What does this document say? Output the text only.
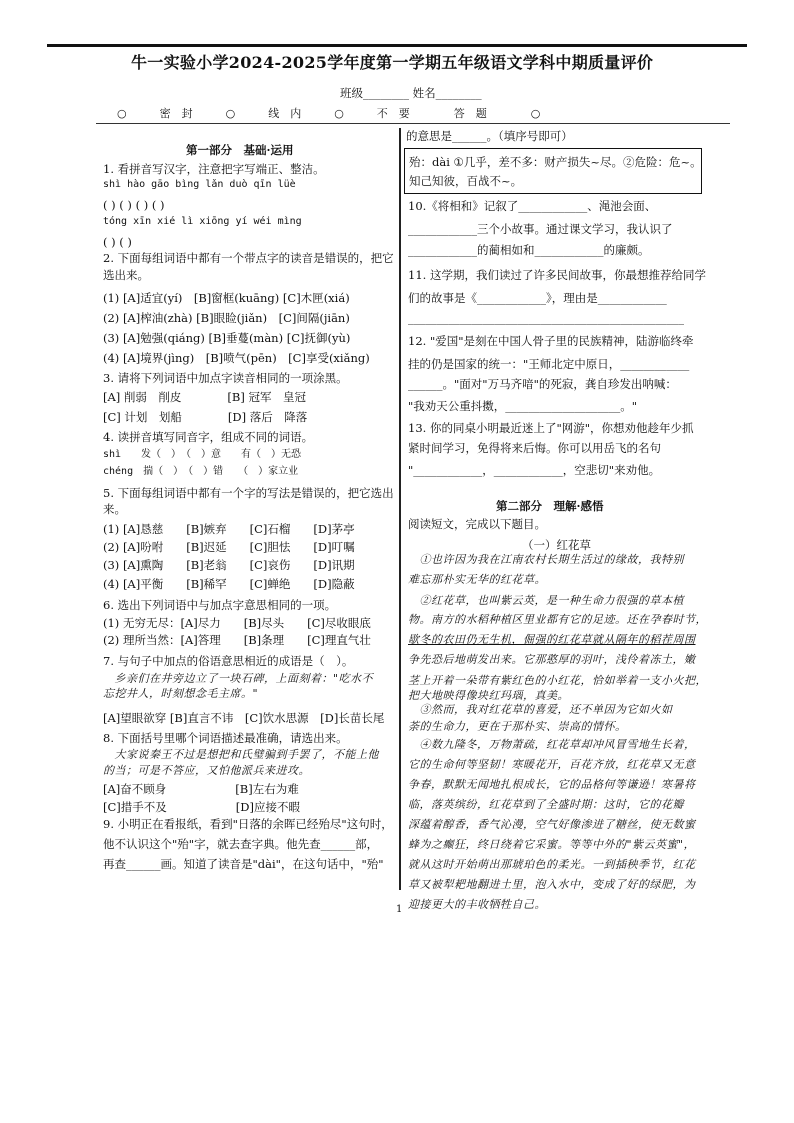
牛一实验小学2024-2025学年度第一学期五年级语文学科中期质量评价
班级________ 姓名________
○　　　密　封　　　○　　　线　内　　　○　　　不　要　　　　答　题　　　　○
第一部分　基础·运用
1. 看拼音写汉字，注意把字写端正、整洁。
shì hào gāo bìng lǎn duò qīn lüè
( ) ( ) ( ) ( )
tóng xīn xié lì xiōng yí wéi mìng
( ) ( )
2. 下面每组词语中都有一个带点字的读音是错误的，把它
选出来。
(1) [A]适宜(yí)　[B]窗框(kuāng) [C]木匣(xiá)
(2) [A]榨油(zhà) [B]眼睑(jiǎn)　[C]间隔(jiān)
(3) [A]勉强(qiáng) [B]垂蔓(màn) [C]抚御(yù)
(4) [A]境界(jìng)　[B]喷气(pēn)　[C]享受(xiǎng)
3. 请将下列词语中加点字读音相同的一项涂黑。
[A] 削弱　削皮　　　　[B] 冠军　皇冠
[C] 计划　划船　　　　[D] 落后　降落
4. 读拼音填写同音字，组成不同的词语。
shì　　发（　）　（　）意　　有（　）无恐
chéng　揣（　）　（　）错　　（　）家立业
5. 下面每组词语中都有一个字的写法是错误的，把它选出
来。
(1) [A]恳慈　　[B]嫉弃　　[C]石榴　　[D]茅亭
(2) [A]吩咐　　[B]迟延　　[C]胆怯　　[D]叮嘱
(3) [A]熏陶　　[B]老翁　　[C]哀伤　　[D]讯期
(4) [A]平衡　　[B]稀罕　　[C]蝉绝　　[D]隐蔽
6. 选出下列词语中与加点字意思相同的一项。
(1) 无穷无尽：[A]尽力　　[B]尽头　　[C]尽收眼底
(2) 理所当然：[A]答理　　[B]条理　　[C]理直气壮
7. 与句子中加点的俗语意思相近的成语是（　）。
　乡亲们在井旁边立了一块石碑，上面刻着："吃水不
忘挖井人，时刻想念毛主席。"
[A]望眼欲穿 [B]直言不讳　[C]饮水思源　[D]长苗长尾
8. 下面括号里哪个词语描述最准确，请选出来。
　大家说秦王不过是想把和氏璧骗到手罢了，不能上他
的当；可是不答应，又怕他派兵来进攻。
[A]奋不顾身　　　　　　[B]左右为难
[C]措手不及　　　　　　[D]应接不暇
9. 小明正在看报纸，看到"日落的余晖已经殆尽"这句时，
他不认识这个"殆"字，就去查字典。他先查______部，
再查______画。知道了读音是"dài"，在这句话中，"殆"
的意思是______。（填序号即可）
殆：dài ①几乎，差不多：财产损失~尽。②危险：危~。
知己知彼，百战不~。
10.《将相和》记叙了____________、渑池会面、
____________三个小故事。通过课文学习，我认识了
____________的蔺相如和____________的廉颇。
11. 这学期，我们读过了许多民间故事，你最想推荐给同学
们的故事是《____________》，理由是____________
________________________________________________
12. "爱国"是刻在中国人骨子里的民族精神，陆游临终牵
挂的仍是国家的统一："王师北定中原日，____________
______。"面对"万马齐喑"的死寂，龚自珍发出呐喊：
"我劝天公重抖擞，____________________。"
13. 你的同桌小明最近迷上了"网游"，你想劝他趁年少抓
紧时间学习，免得将来后悔。你可以用岳飞的名句
"____________，____________，空悲切"来劝他。
第二部分　理解·感悟
阅读短文，完成以下题目。
（一）红花草
　①也许因为我在江南农村长期生活过的缘故，我特别
难忘那朴实无华的红花草。
　②红花草，也叫紫云英，是一种生命力很强的草本植
物。南方的水稻种植区里业都有它的足迹。还在孕春时节，
歇冬的农田仍无生机，倔强的红花草就从隔年的稻茬周围
争先恐后地萌发出来。它那憨厚的羽叶，浅伶着冻土，嫩
茎上开着一朵带有紫红色的小红花，恰如举着一支小火把，
把大地映得像块红玛瑙，真美。
　③然而，我对红花草的喜爱，还不单因为它如火如
荼的生命力，更在于那朴实、崇高的情怀。
　④数九隆冬，万物萧疏，红花草却冲风冒雪地生长着，
它的生命何等坚韧！寒暖花开，百花齐放，红花草又无意
争春，默默无闻地扎根成长，它的品格何等谦逊！寒暑将
临，落英缤纷，红花草到了全盛时期：这时，它的花瓣
深蕴着醇香，香气沁漫，空气好像渗进了糖丝，使无数蜜
蜂为之癫狂，终日绕着它采蜜。等等中外的"紫云英蜜"，
就从这时开始萌出那琥珀色的柔光。一到插秧季节，红花
草又被犁耙地翻进土里，泡入水中，变成了好的绿肥，为
迎接更大的丰收牺牲自己。
1
